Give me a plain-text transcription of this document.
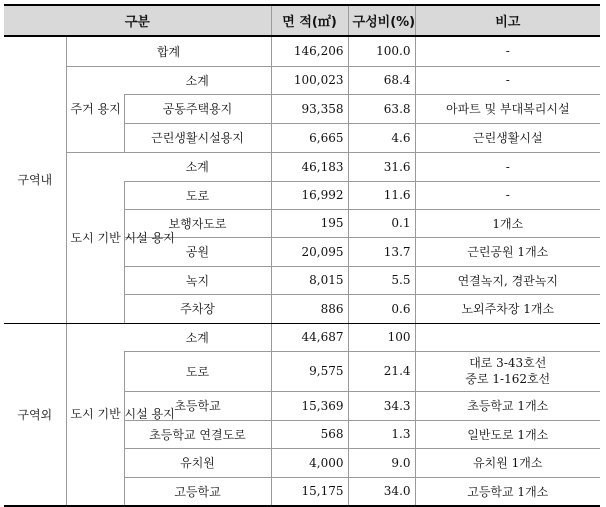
구분			면 적(㎡)	구성비(%)	비고
구역내	합계		146,206	100.0	-
	주거 용지	소계	100,023	68.4	-
		공동주택용지	93,358	63.8	아파트 및 부대복리시설
		근린생활시설용지	6,665	4.6	근린생활시설
	도시 기반 시설 용지	소계	46,183	31.6	-
		도로	16,992	11.6	-
		보행자도로	195	0.1	1개소
		공원	20,095	13.7	근린공원 1개소
		녹지	8,015	5.5	연결녹지, 경관녹지
		주차장	886	0.6	노외주차장 1개소
구역외	도시 기반 시설 용지	소계	44,687	100	
		도로	9,575	21.4	대로 3-43호선
중로 1-162호선

		초등학교	15,369	34.3	초등학교 1개소
		초등학교 연결도로	568	1.3	일반도로 1개소
		유치원	4,000	9.0	유치원 1개소
		고등학교	15,175	34.0	고등학교 1개소
